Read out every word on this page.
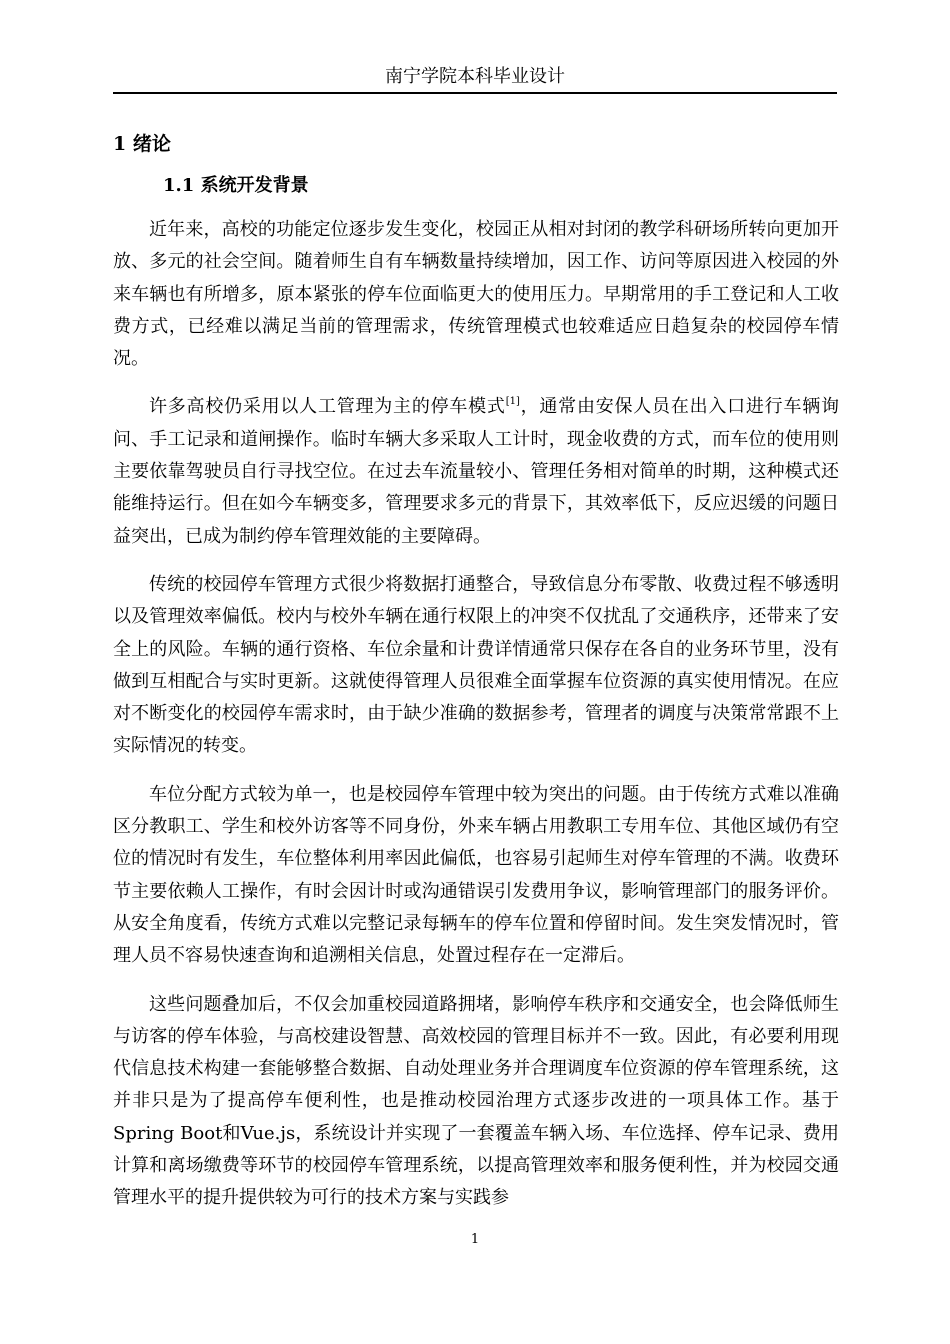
南宁学院本科毕业设计
1 绪论
1.1 系统开发背景

近年来，高校的功能定位逐步发生变化，校园正从相对封闭的教学科研场所转向更加开放、多元的社会空间。随着师生自有车辆数量持续增加，因工作、访问等原因进入校园的外来车辆也有所增多，原本紧张的停车位面临更大的使用压力。早期常用的手工登记和人工收费方式，已经难以满足当前的管理需求，传统管理模式也较难适应日趋复杂的校园停车情况。

许多高校仍采用以人工管理为主的停车模式[1]，通常由安保人员在出入口进行车辆询问、手工记录和道闸操作。临时车辆大多采取人工计时，现金收费的方式，而车位的使用则主要依靠驾驶员自行寻找空位。在过去车流量较小、管理任务相对简单的时期，这种模式还能维持运行。但在如今车辆变多，管理要求多元的背景下，其效率低下，反应迟缓的问题日益突出，已成为制约停车管理效能的主要障碍。

传统的校园停车管理方式很少将数据打通整合，导致信息分布零散、收费过程不够透明以及管理效率偏低。校内与校外车辆在通行权限上的冲突不仅扰乱了交通秩序，还带来了安全上的风险。车辆的通行资格、车位余量和计费详情通常只保存在各自的业务环节里，没有做到互相配合与实时更新。这就使得管理人员很难全面掌握车位资源的真实使用情况。在应对不断变化的校园停车需求时，由于缺少准确的数据参考，管理者的调度与决策常常跟不上实际情况的转变。

车位分配方式较为单一，也是校园停车管理中较为突出的问题。由于传统方式难以准确区分教职工、学生和校外访客等不同身份，外来车辆占用教职工专用车位、其他区域仍有空位的情况时有发生，车位整体利用率因此偏低，也容易引起师生对停车管理的不满。收费环节主要依赖人工操作，有时会因计时或沟通错误引发费用争议，影响管理部门的服务评价。从安全角度看，传统方式难以完整记录每辆车的停车位置和停留时间。发生突发情况时，管理人员不容易快速查询和追溯相关信息，处置过程存在一定滞后。

这些问题叠加后，不仅会加重校园道路拥堵，影响停车秩序和交通安全，也会降低师生与访客的停车体验，与高校建设智慧、高效校园的管理目标并不一致。因此，有必要利用现代信息技术构建一套能够整合数据、自动处理业务并合理调度车位资源的停车管理系统，这并非只是为了提高停车便利性，也是推动校园治理方式逐步改进的一项具体工作。基于Spring Boot和Vue.js，系统设计并实现了一套覆盖车辆入场、车位选择、停车记录、费用计算和离场缴费等环节的校园停车管理系统，以提高管理效率和服务便利性，并为校园交通管理水平的提升提供较为可行的技术方案与实践参

1
